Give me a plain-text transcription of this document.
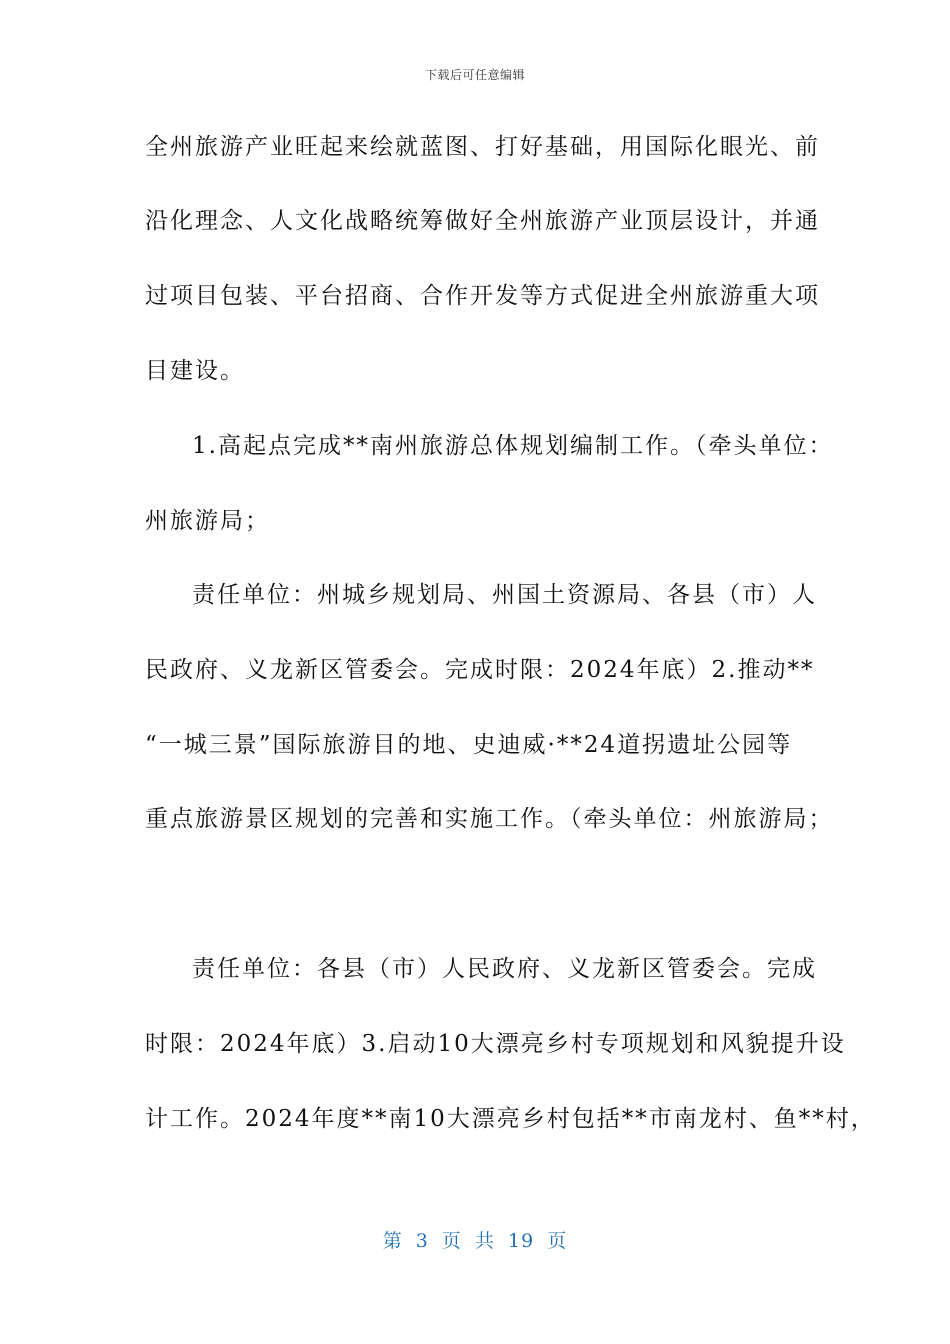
下载后可任意编辑
全州旅游产业旺起来绘就蓝图、打好基础，用国际化眼光、前
沿化理念、人文化战略统筹做好全州旅游产业顶层设计，并通
过项目包装、平台招商、合作开发等方式促进全州旅游重大项
目建设。
1.高起点完成**南州旅游总体规划编制工作。（牵头单位：
州旅游局；
责任单位：州城乡规划局、州国土资源局、各县（市）人
民政府、义龙新区管委会。完成时限：2024年底）2.推动**
“一城三景”国际旅游目的地、史迪威·**24道拐遗址公园等
重点旅游景区规划的完善和实施工作。（牵头单位：州旅游局；
责任单位：各县（市）人民政府、义龙新区管委会。完成
时限：2024年底）3.启动10大漂亮乡村专项规划和风貌提升设
计工作。2024年度**南10大漂亮乡村包括**市南龙村、鱼**村，
第 3 页 共 19 页
